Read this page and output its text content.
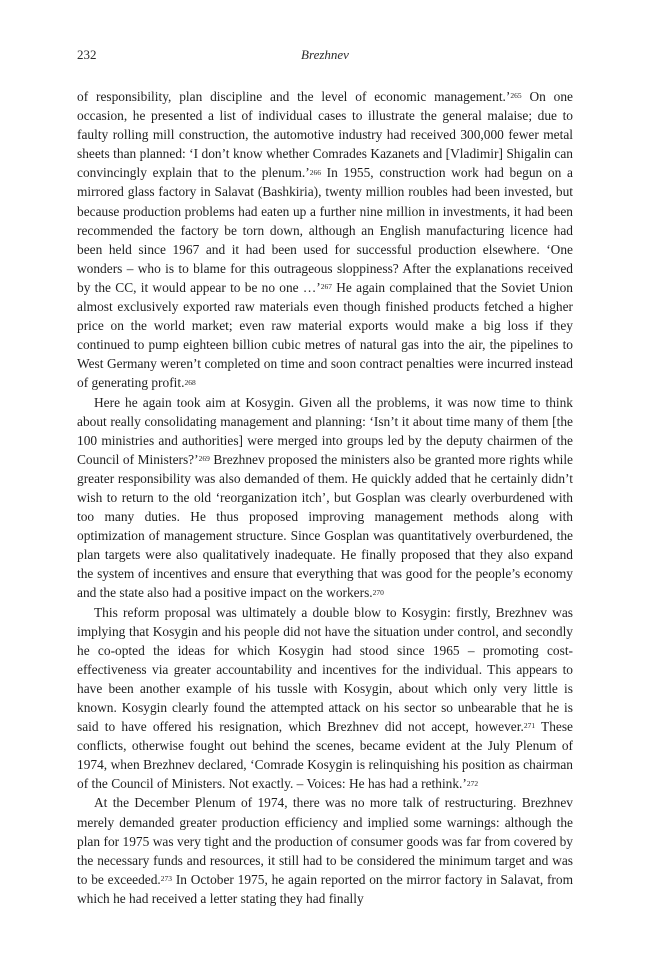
232	Brezhnev

of responsibility, plan discipline and the level of economic management.’$^{265}$ On one occasion, he presented a list of individual cases to illustrate the general malaise; due to faulty rolling mill construction, the automotive industry had received 300,000 fewer metal sheets than planned: ‘I don’t know whether Comrades Kazanets and [Vladimir] Shigalin can convincingly explain that to the plenum.’$^{266}$ In 1955, construction work had begun on a mirrored glass factory in Salavat (Bashkiria), twenty million roubles had been invested, but because production problems had eaten up a further nine million in investments, it had been recommended the factory be torn down, although an English manufacturing licence had been held since 1967 and it had been used for successful production elsewhere. ‘One wonders – who is to blame for this outrageous sloppiness? After the explanations received by the CC, it would appear to be no one …’$^{267}$ He again complained that the Soviet Union almost exclusively exported raw materials even though finished products fetched a higher price on the world market; even raw material exports would make a big loss if they continued to pump eighteen billion cubic metres of natural gas into the air, the pipelines to West Germany weren’t completed on time and soon contract penalties were incurred instead of generating profit.$^{268}$

Here he again took aim at Kosygin. Given all the problems, it was now time to think about really consolidating management and planning: ‘Isn’t it about time many of them [the 100 ministries and authorities] were merged into groups led by the deputy chairmen of the Council of Ministers?’$^{269}$ Brezhnev proposed the ministers also be granted more rights while greater responsibility was also demanded of them. He quickly added that he certainly didn’t wish to return to the old ‘reorganization itch’, but Gosplan was clearly overburdened with too many duties. He thus proposed improving management methods along with optimization of management structure. Since Gosplan was quantitatively overburdened, the plan targets were also qualitatively inadequate. He finally proposed that they also expand the system of incentives and ensure that everything that was good for the people’s economy and the state also had a positive impact on the workers.$^{270}$

This reform proposal was ultimately a double blow to Kosygin: firstly, Brezhnev was implying that Kosygin and his people did not have the situation under control, and secondly he co-opted the ideas for which Kosygin had stood since 1965 – promoting cost-effectiveness via greater accountability and incentives for the individual. This appears to have been another example of his tussle with Kosygin, about which only very little is known. Kosygin clearly found the attempted attack on his sector so unbearable that he is said to have offered his resignation, which Brezhnev did not accept, however.$^{271}$ These conflicts, otherwise fought out behind the scenes, became evident at the July Plenum of 1974, when Brezhnev declared, ‘Comrade Kosygin is relinquishing his position as chairman of the Council of Ministers. Not exactly. – Voices: He has had a rethink.’$^{272}$

At the December Plenum of 1974, there was no more talk of restructuring. Brezhnev merely demanded greater production efficiency and implied some warnings: although the plan for 1975 was very tight and the production of consumer goods was far from covered by the necessary funds and resources, it still had to be considered the minimum target and was to be exceeded.$^{273}$ In October 1975, he again reported on the mirror factory in Salavat, from which he had received a letter stating they had finally
